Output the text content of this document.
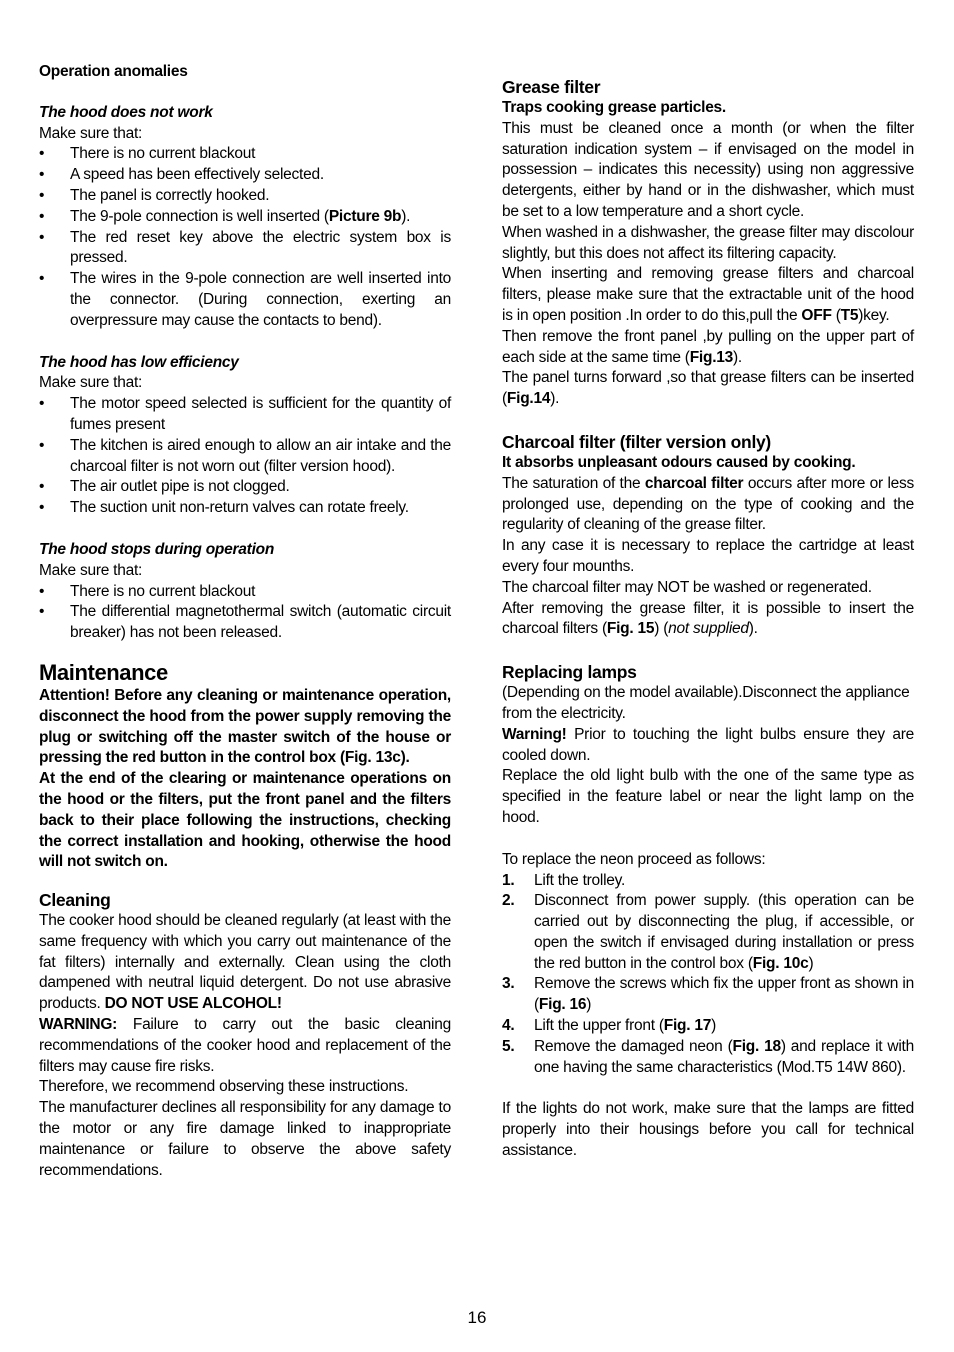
Operation anomalies

The hood does not work

Make sure that:

• There is no current blackout
• A speed has been effectively selected.
• The panel is correctly hooked.
• The 9-pole connection is well inserted (Picture 9b).
• The red reset key above the electric system box is pressed.
• The wires in the 9-pole connection are well inserted into the connector. (During connection, exerting an overpressure may cause the contacts to bend).

The hood has low efficiency

Make sure that:

• The motor speed selected is sufficient for the quantity of fumes present
• The kitchen is aired enough to allow an air intake and the charcoal filter is not worn out (filter version hood).
• The air outlet pipe is not clogged.
• The suction unit non-return valves can rotate freely.

The hood stops during operation

Make sure that:

• There is no current blackout
• The differential magnetothermal switch (automatic circuit breaker) has not been released.

Maintenance

Attention! Before any cleaning or maintenance operation, disconnect the hood from the power supply removing the plug or switching off the master switch of the house or pressing the red button in the control box (Fig. 13c).

At the end of the clearing or maintenance operations on the hood or the filters, put the front panel and the filters back to their place following the instructions, checking the correct installation and hooking, otherwise the hood will not switch on.

Cleaning

The cooker hood should be cleaned regularly (at least with the same frequency with which you carry out maintenance of the fat filters) internally and externally. Clean using the cloth dampened with neutral liquid detergent. Do not use abrasive products. DO NOT USE ALCOHOL!

WARNING: Failure to carry out the basic cleaning recommendations of the cooker hood and replacement of the filters may cause fire risks.

Therefore, we recommend observing these instructions.

The manufacturer declines all responsibility for any damage to the motor or any fire damage linked to inappropriate maintenance or failure to observe the above safety recommendations.

Grease filter

Traps cooking grease particles.

This must be cleaned once a month (or when the filter saturation indication system – if envisaged on the model in possession – indicates this necessity) using non aggressive detergents, either by hand or in the dishwasher, which must be set to a low temperature and a short cycle.

When washed in a dishwasher, the grease filter may discolour slightly, but this does not affect its filtering capacity.

When inserting and removing grease filters and charcoal filters, please make sure that the extractable unit of the hood is in open position .In order to do this,pull the OFF (T5)key.

Then remove the front panel ,by pulling on the upper part of each side at the same time (Fig.13).

The panel turns forward ,so that grease filters can be inserted (Fig.14).

Charcoal filter (filter version only)

It absorbs unpleasant odours caused by cooking.

The saturation of the charcoal filter occurs after more or less prolonged use, depending on the type of cooking and the regularity of cleaning of the grease filter.

In any case it is necessary to replace the cartridge at least every four mounths.

The charcoal filter may NOT be washed or regenerated.

After removing the grease filter, it is possible to insert the charcoal filters (Fig. 15) (not supplied).

Replacing lamps

(Depending on the model available).Disconnect the appliance from the electricity.

Warning! Prior to touching the light bulbs ensure they are cooled down.

Replace the old light bulb with the one of the same type as specified in the feature label or near the light lamp on the hood.

To replace the neon proceed as follows:

1. Lift the trolley.
2. Disconnect from power supply. (this operation can be carried out by disconnecting the plug, if accessible, or open the switch if envisaged during installation or press the red button in the control box (Fig. 10c)
3. Remove the screws which fix the upper front as shown in (Fig. 16)
4. Lift the upper front (Fig. 17)
5. Remove the damaged neon (Fig. 18) and replace it with one having the same characteristics (Mod.T5 14W 860).

If the lights do not work, make sure that the lamps are fitted properly into their housings before you call for technical assistance.

16
